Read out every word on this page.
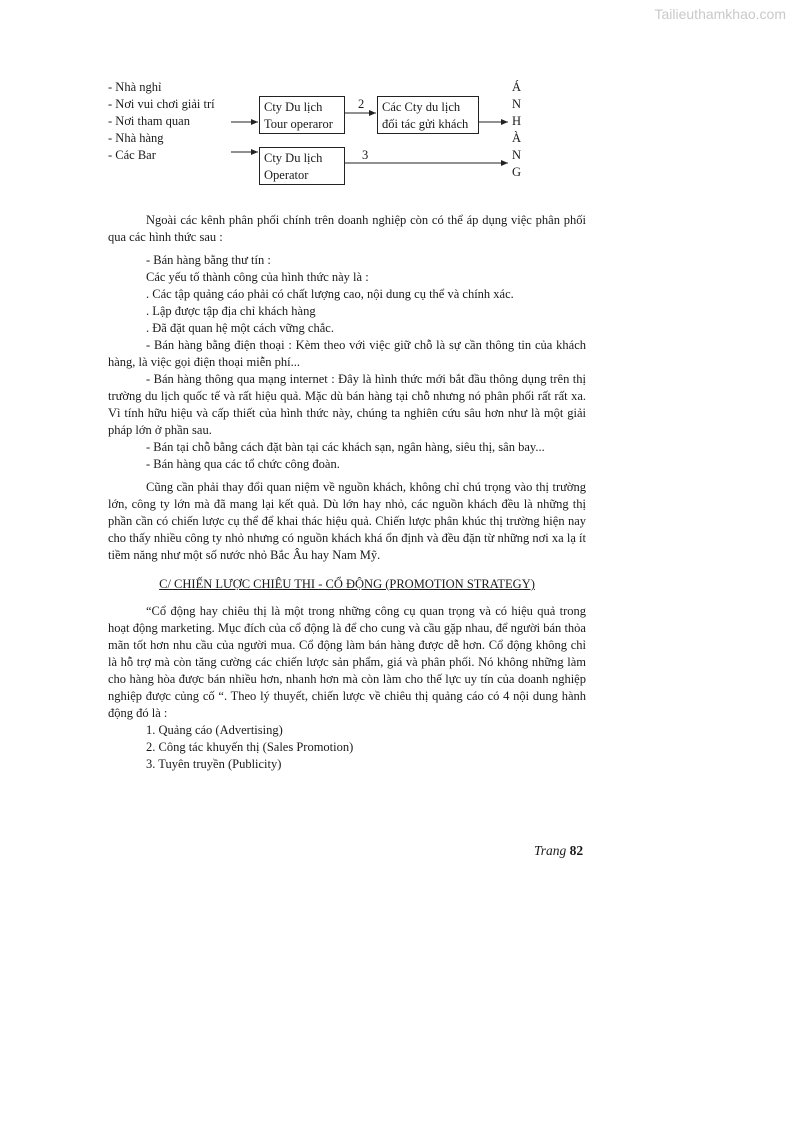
Tailieuthamkhao.com
- Nhà nghỉ
- Nơi vui chơi giải trí
- Nơi tham quan
- Nhà hàng
- Các Bar
Cty Du lịch
Tour operaror
Các Cty du lịch
đối tác gửi khách
Cty Du lịch
Operator
2
3
Á
N
H
À
N
G

Ngoài các kênh phân phối chính trên doanh nghiệp còn có thể áp dụng việc phân phối qua các hình thức sau :

- Bán hàng bằng thư tín :

Các yếu tố thành công của hình thức này là :

. Các tập quảng cáo phải có chất lượng cao, nội dung cụ thể và chính xác.

. Lập được tập địa chỉ khách hàng

. Đã đặt quan hệ một cách vững chắc.

- Bán hàng bằng điện thoại : Kèm theo với việc giữ chỗ là sự cần thông tin của khách hàng, là việc gọi điện thoại miễn phí...

- Bán hàng thông qua mạng internet : Đây là hình thức mới bắt đầu thông dụng trên thị trường du lịch quốc tế và rất hiệu quả. Mặc dù bán hàng tại chỗ nhưng nó phân phối rất rất xa. Vì tính hữu hiệu và cấp thiết của hình thức này, chúng ta nghiên cứu sâu hơn như là một giải pháp lớn ở phần sau.

- Bán tại chỗ bằng cách đặt bàn tại các khách sạn, ngân hàng, siêu thị, sân bay...

- Bán hàng qua các tổ chức công đoàn.

Cũng cần phải thay đổi quan niệm về nguồn khách, không chỉ chú trọng vào thị trường lớn, công ty lớn mà đã mang lại kết quả. Dù lớn hay nhỏ, các nguồn khách đều là những thị phần cần có chiến lược cụ thể để khai thác hiệu quả. Chiến lược phân khúc thị trường hiện nay cho thấy nhiều công ty nhỏ nhưng có nguồn khách khá ổn định và đều đặn từ những nơi xa lạ ít tiềm năng như một số nước nhỏ Bắc Âu hay Nam Mỹ.

C/ CHIẾN LƯỢC CHIÊU THI - CỔ ĐỘNG (PROMOTION STRATEGY)

“Cổ động hay chiêu thị là một trong những công cụ quan trọng và có hiệu quả trong hoạt động marketing. Mục đích của cổ động là để cho cung và cầu gặp nhau, để người bán thỏa mãn tốt hơn nhu cầu của người mua. Cổ động làm bán hàng được dễ hơn. Cổ động không chỉ là hỗ trợ mà còn tăng cường các chiến lược sản phẩm, giá và phân phối. Nó không những làm cho hàng hòa được bán nhiều hơn, nhanh hơn mà còn làm cho thế lực uy tín của doanh nghiệp nghiệp được củng cố “. Theo lý thuyết, chiến lược về chiêu thị quảng cáo có 4 nội dung hành động đó là :

1. Quảng cáo (Advertising)

2. Công tác khuyến thị (Sales Promotion)

3. Tuyên truyền (Publicity)

Trang 82
